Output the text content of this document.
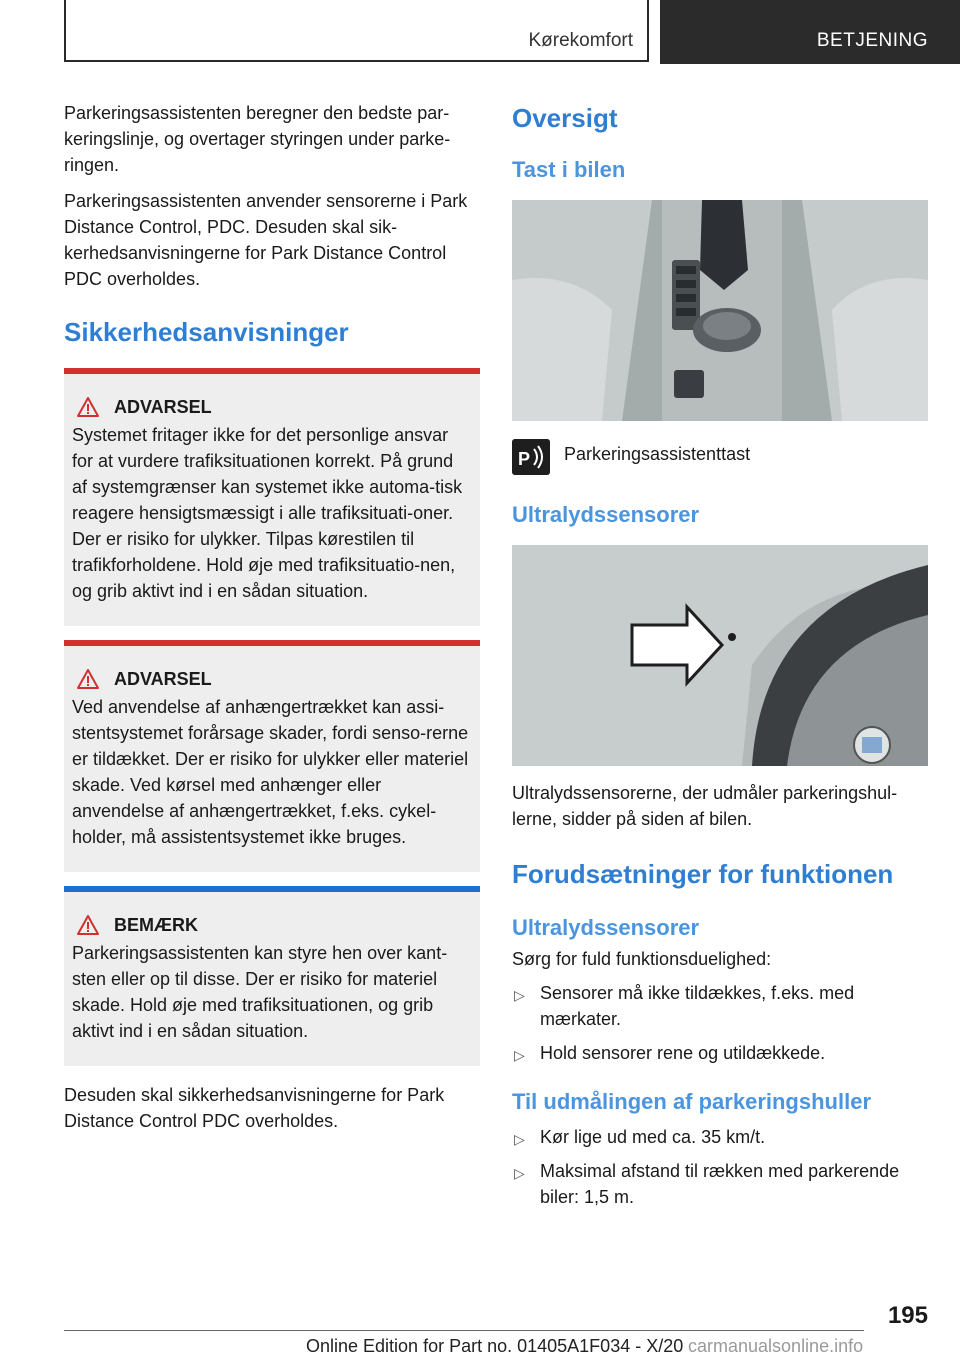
Kørekomfort	BETJENING

Parkeringsassistenten beregner den bedste par-keringslinje, og overtager styringen under parke-ringen.

Parkeringsassistenten anvender sensorerne i Park Distance Control, PDC. Desuden skal sik-kerhedsanvisningerne for Park Distance Control PDC overholdes.

Sikkerhedsanvisninger
ADVARSEL

Systemet fritager ikke for det personlige ansvar for at vurdere trafiksituationen korrekt. På grund af systemgrænser kan systemet ikke automa-tisk reagere hensigtsmæssigt i alle trafiksituati-oner. Der er risiko for ulykker. Tilpas kørestilen til trafikforholdene. Hold øje med trafiksituatio-nen, og grib aktivt ind i en sådan situation.

ADVARSEL

Ved anvendelse af anhængertrækket kan assi-stentsystemet forårsage skader, fordi senso-rerne er tildækket. Der er risiko for ulykker eller materiel skade. Ved kørsel med anhænger eller anvendelse af anhængertrækket, f.eks. cykel-holder, må assistentsystemet ikke bruges.

BEMÆRK

Parkeringsassistenten kan styre hen over kant-sten eller op til disse. Der er risiko for materiel skade. Hold øje med trafiksituationen, og grib aktivt ind i en sådan situation.

Desuden skal sikkerhedsanvisningerne for Park Distance Control PDC overholdes.

Oversigt
Tast i bilen
P Parkeringsassistenttast

Ultralydssensorer

Ultralydssensorerne, der udmåler parkeringshul-lerne, sidder på siden af bilen.

Forudsætninger for funktionen
Ultralydssensorer

Sørg for fuld funktionsduelighed:

▷ Sensorer må ikke tildækkes, f.eks. med mærkater.
▷ Hold sensorer rene og utildækkede.
Til udmålingen af parkeringshuller
▷ Kør lige ud med ca. 35 km/t.
▷ Maksimal afstand til rækken med parkerende biler: 1,5 m.
195
Online Edition for Part no. 01405A1F034 - X/20 carmanualsonline.info
